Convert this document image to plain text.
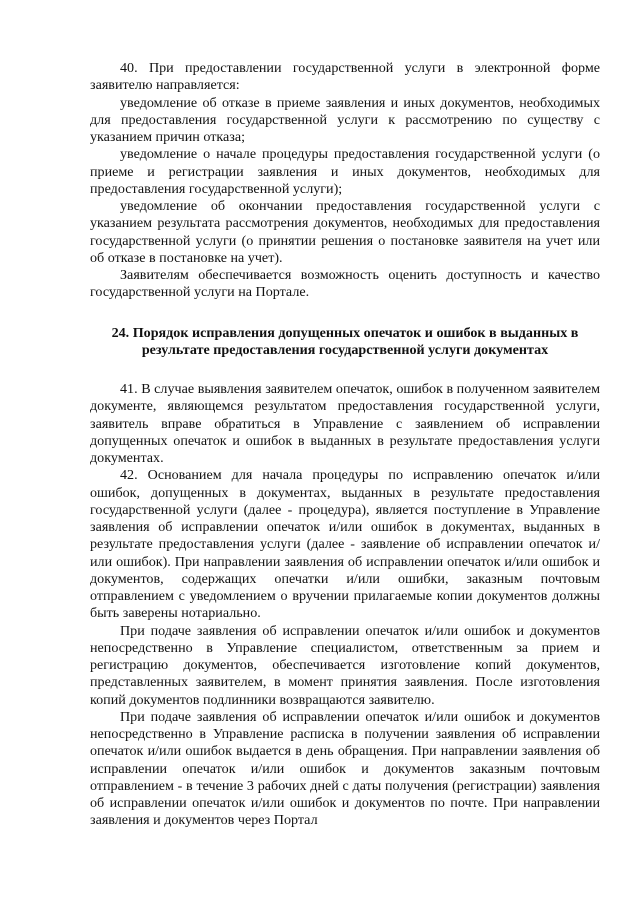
40. При предоставлении государственной услуги в электронной форме заявителю направляется:

уведомление об отказе в приеме заявления и иных документов, необходимых для предоставления государственной услуги к рассмотрению по существу с указанием причин отказа;

уведомление о начале процедуры предоставления государственной услуги (о приеме и регистрации заявления и иных документов, необходимых для предоставления государственной услуги);

уведомление об окончании предоставления государственной услуги с указанием результата рассмотрения документов, необходимых для предоставления государственной услуги (о принятии решения о постановке заявителя на учет или об отказе в постановке на учет).

Заявителям обеспечивается возможность оценить доступность и качество государственной услуги на Портале.

24. Порядок исправления допущенных опечаток и ошибок в выданных в результате предоставления государственной услуги документах

41. В случае выявления заявителем опечаток, ошибок в полученном заявителем документе, являющемся результатом предоставления государственной услуги, заявитель вправе обратиться в Управление с заявлением об исправлении допущенных опечаток и ошибок в выданных в результате предоставления услуги документах.

42. Основанием для начала процедуры по исправлению опечаток и/или ошибок, допущенных в документах, выданных в результате предоставления государственной услуги (далее - процедура), является поступление в Управление заявления об исправлении опечаток и/или ошибок в документах, выданных в результате предоставления услуги (далее - заявление об исправлении опечаток и/или ошибок). При направлении заявления об исправлении опечаток и/или ошибок и документов, содержащих опечатки и/или ошибки, заказным почтовым отправлением с уведомлением о вручении прилагаемые копии документов должны быть заверены нотариально.

При подаче заявления об исправлении опечаток и/или ошибок и документов непосредственно в Управление специалистом, ответственным за прием и регистрацию документов, обеспечивается изготовление копий документов, представленных заявителем, в момент принятия заявления. После изготовления копий документов подлинники возвращаются заявителю.

При подаче заявления об исправлении опечаток и/или ошибок и документов непосредственно в Управление расписка в получении заявления об исправлении опечаток и/или ошибок выдается в день обращения. При направлении заявления об исправлении опечаток и/или ошибок и документов заказным почтовым отправлением - в течение 3 рабочих дней с даты получения (регистрации) заявления об исправлении опечаток и/или ошибок и документов по почте. При направлении заявления и документов через Портал
